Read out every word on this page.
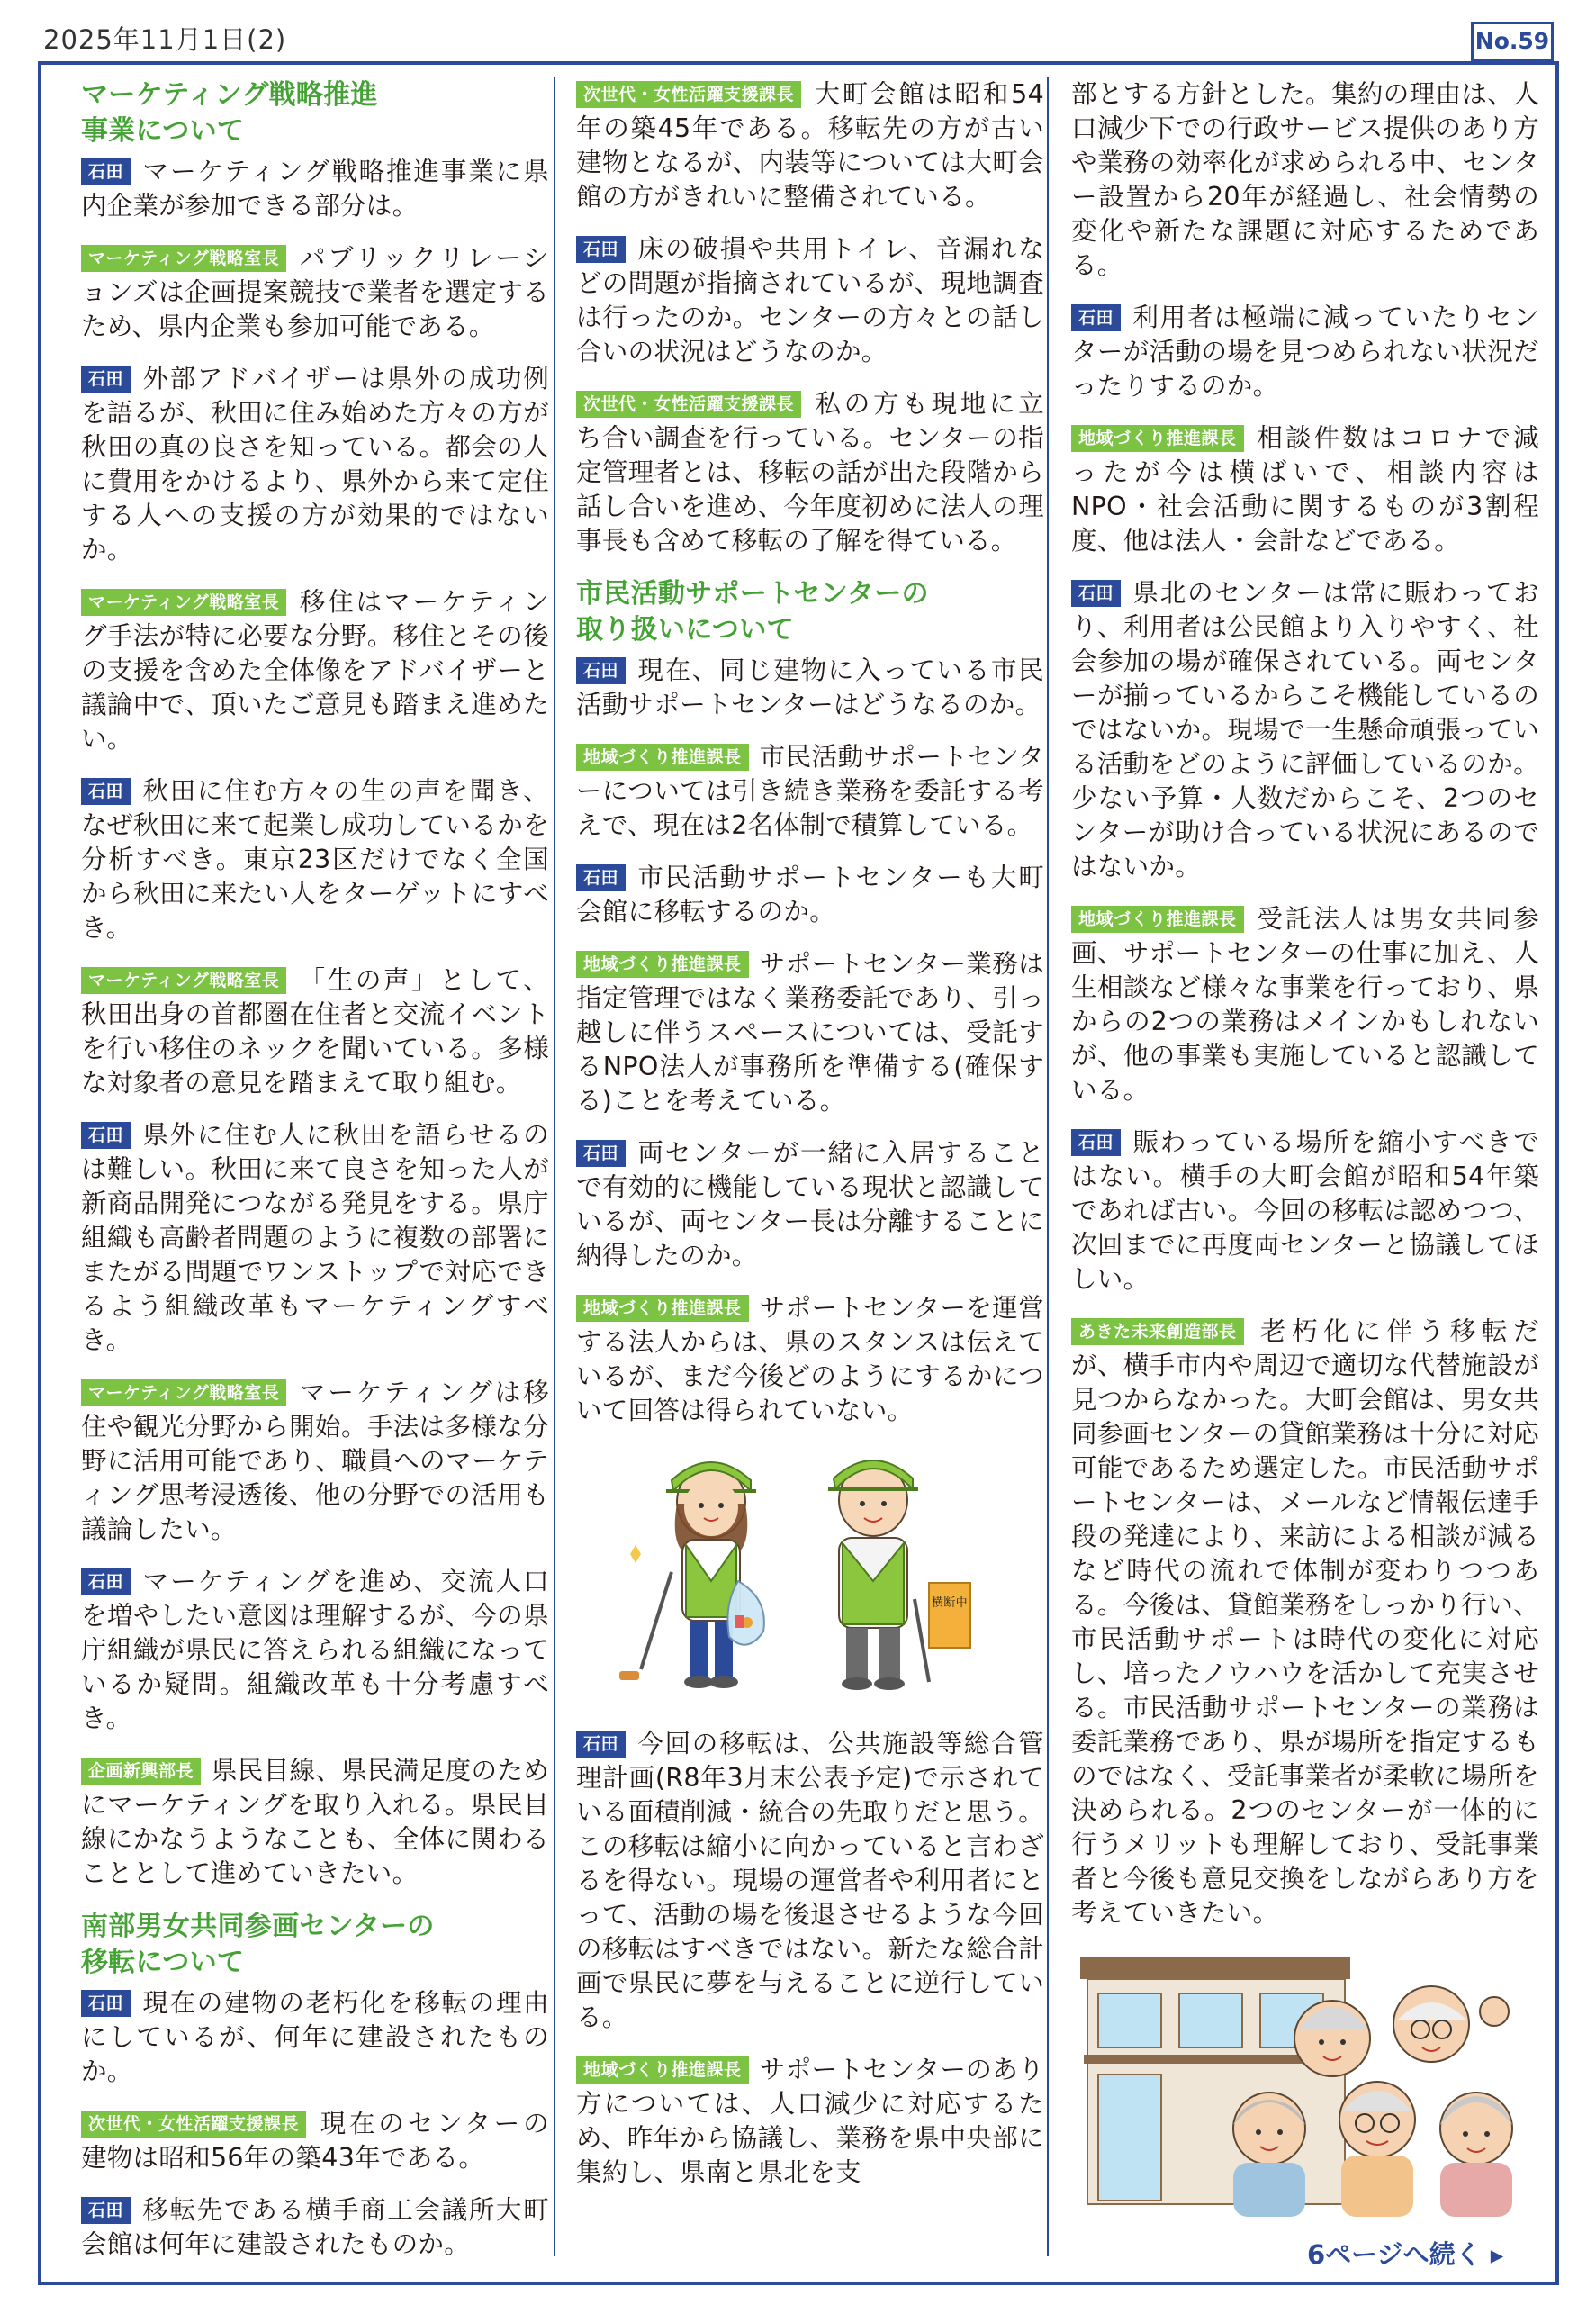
2025年11月1日(2)	No.59
マーケティング戦略推進
事業について

石田 マーケティング戦略推進事業に県内企業が参加できる部分は。

マーケティング戦略室長 パブリックリレーションズは企画提案競技で業者を選定するため、県内企業も参加可能である。

石田 外部アドバイザーは県外の成功例を語るが、秋田に住み始めた方々の方が秋田の真の良さを知っている。都会の人に費用をかけるより、県外から来て定住する人への支援の方が効果的ではないか。

マーケティング戦略室長 移住はマーケティング手法が特に必要な分野。移住とその後の支援を含めた全体像をアドバイザーと議論中で、頂いたご意見も踏まえ進めたい。

石田 秋田に住む方々の生の声を聞き、なぜ秋田に来て起業し成功しているかを分析すべき。東京23区だけでなく全国から秋田に来たい人をターゲットにすべき。

マーケティング戦略室長 「生の声」として、秋田出身の首都圏在住者と交流イベントを行い移住のネックを聞いている。多様な対象者の意見を踏まえて取り組む。

石田 県外に住む人に秋田を語らせるのは難しい。秋田に来て良さを知った人が新商品開発につながる発見をする。県庁組織も高齢者問題のように複数の部署にまたがる問題でワンストップで対応できるよう組織改革もマーケティングすべき。

マーケティング戦略室長 マーケティングは移住や観光分野から開始。手法は多様な分野に活用可能であり、職員へのマーケティング思考浸透後、他の分野での活用も議論したい。

石田 マーケティングを進め、交流人口を増やしたい意図は理解するが、今の県庁組織が県民に答えられる組織になっているか疑問。組織改革も十分考慮すべき。

企画新興部長 県民目線、県民満足度のためにマーケティングを取り入れる。県民目線にかなうようなことも、全体に関わることとして進めていきたい。

南部男女共同参画センターの
移転について

石田 現在の建物の老朽化を移転の理由にしているが、何年に建設されたものか。

次世代・女性活躍支援課長 現在のセンターの建物は昭和56年の築43年である。

石田 移転先である横手商工会議所大町会館は何年に建設されたものか。

次世代・女性活躍支援課長 大町会館は昭和54年の築45年である。移転先の方が古い建物となるが、内装等については大町会館の方がきれいに整備されている。

石田 床の破損や共用トイレ、音漏れなどの問題が指摘されているが、現地調査は行ったのか。センターの方々との話し合いの状況はどうなのか。

次世代・女性活躍支援課長 私の方も現地に立ち合い調査を行っている。センターの指定管理者とは、移転の話が出た段階から話し合いを進め、今年度初めに法人の理事長も含めて移転の了解を得ている。

市民活動サポートセンターの
取り扱いについて

石田 現在、同じ建物に入っている市民活動サポートセンターはどうなるのか。

地域づくり推進課長 市民活動サポートセンターについては引き続き業務を委託する考えで、現在は2名体制で積算している。

石田 市民活動サポートセンターも大町会館に移転するのか。

地域づくり推進課長 サポートセンター業務は指定管理ではなく業務委託であり、引っ越しに伴うスペースについては、受託するNPO法人が事務所を準備する(確保する)ことを考えている。

石田 両センターが一緒に入居することで有効的に機能している現状と認識しているが、両センター長は分離することに納得したのか。

地域づくり推進課長 サポートセンターを運営する法人からは、県のスタンスは伝えているが、まだ今後どのようにするかについて回答は得られていない。

横断中

石田 今回の移転は、公共施設等総合管理計画(R8年3月末公表予定)で示されている面積削減・統合の先取りだと思う。この移転は縮小に向かっていると言わざるを得ない。現場の運営者や利用者にとって、活動の場を後退させるような今回の移転はすべきではない。新たな総合計画で県民に夢を与えることに逆行している。

地域づくり推進課長 サポートセンターのあり方については、人口減少に対応するため、昨年から協議し、業務を県中央部に集約し、県南と県北を支

部とする方針とした。集約の理由は、人口減少下での行政サービス提供のあり方や業務の効率化が求められる中、センター設置から20年が経過し、社会情勢の変化や新たな課題に対応するためである。

石田 利用者は極端に減っていたりセンターが活動の場を見つめられない状況だったりするのか。

地域づくり推進課長 相談件数はコロナで減ったが今は横ばいで、相談内容はNPO・社会活動に関するものが3割程度、他は法人・会計などである。

石田 県北のセンターは常に賑わっており、利用者は公民館より入りやすく、社会参加の場が確保されている。両センターが揃っているからこそ機能しているのではないか。現場で一生懸命頑張っている活動をどのように評価しているのか。少ない予算・人数だからこそ、2つのセンターが助け合っている状況にあるのではないか。

地域づくり推進課長 受託法人は男女共同参画、サポートセンターの仕事に加え、人生相談など様々な事業を行っており、県からの2つの業務はメインかもしれないが、他の事業も実施していると認識している。

石田 賑わっている場所を縮小すべきではない。横手の大町会館が昭和54年築であれば古い。今回の移転は認めつつ、次回までに再度両センターと協議してほしい。

あきた未来創造部長 老朽化に伴う移転だが、横手市内や周辺で適切な代替施設が見つからなかった。大町会館は、男女共同参画センターの貸館業務は十分に対応可能であるため選定した。市民活動サポートセンターは、メールなど情報伝達手段の発達により、来訪による相談が減るなど時代の流れで体制が変わりつつある。今後は、貸館業務をしっかり行い、市民活動サポートは時代の変化に対応し、培ったノウハウを活かして充実させる。市民活動サポートセンターの業務は委託業務であり、県が場所を指定するものではなく、受託事業者が柔軟に場所を決められる。2つのセンターが一体的に行うメリットも理解しており、受託事業者と今後も意見交換をしながらあり方を考えていきたい。

6ページへ続く ▸
